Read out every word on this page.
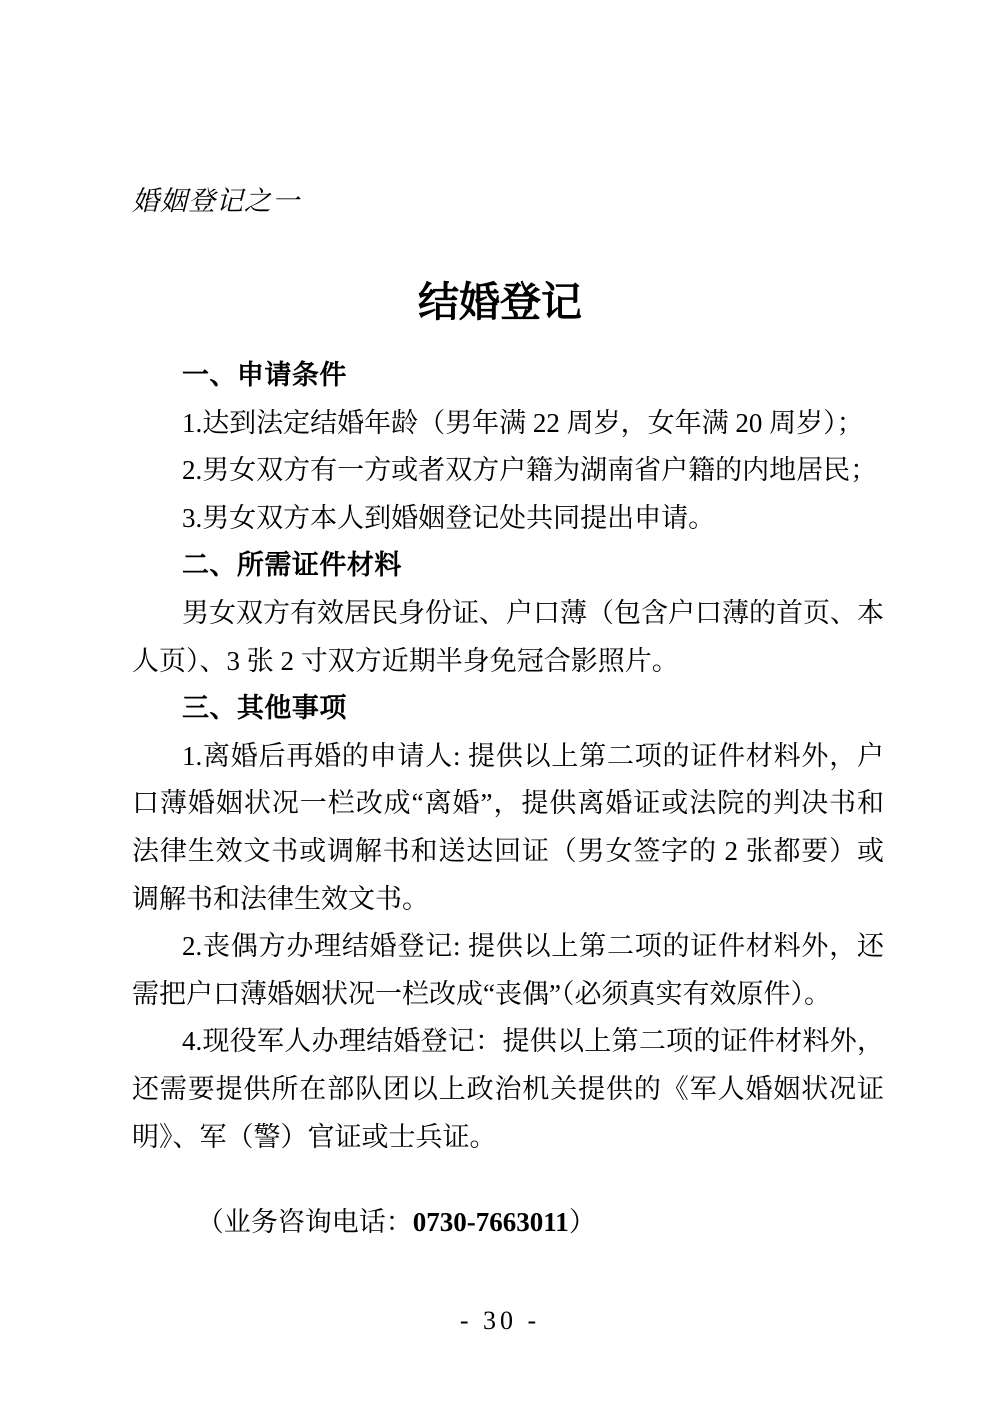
婚姻登记之一
结婚登记

一、申请条件

1.达到法定结婚年龄（男年满 22 周岁，女年满 20 周岁）；

2.男女双方有一方或者双方户籍为湖南省户籍的内地居民；

3.男女双方本人到婚姻登记处共同提出申请。

二、所需证件材料

男女双方有效居民身份证、户口薄（包含户口薄的首页、本人页）、3 张 2 寸双方近期半身免冠合影照片。

三、其他事项

1.离婚后再婚的申请人: 提供以上第二项的证件材料外，户口薄婚姻状况一栏改成“离婚”，提供离婚证或法院的判决书和法律生效文书或调解书和送达回证（男女签字的 2 张都要）或调解书和法律生效文书。

2.丧偶方办理结婚登记: 提供以上第二项的证件材料外，还需把户口薄婚姻状况一栏改成“丧偶”（必须真实有效原件）。

4.现役军人办理结婚登记：提供以上第二项的证件材料外，还需要提供所在部队团以上政治机关提供的《军人婚姻状况证明》、军（警）官证或士兵证。

（业务咨询电话：0730-7663011）

- 30 -
